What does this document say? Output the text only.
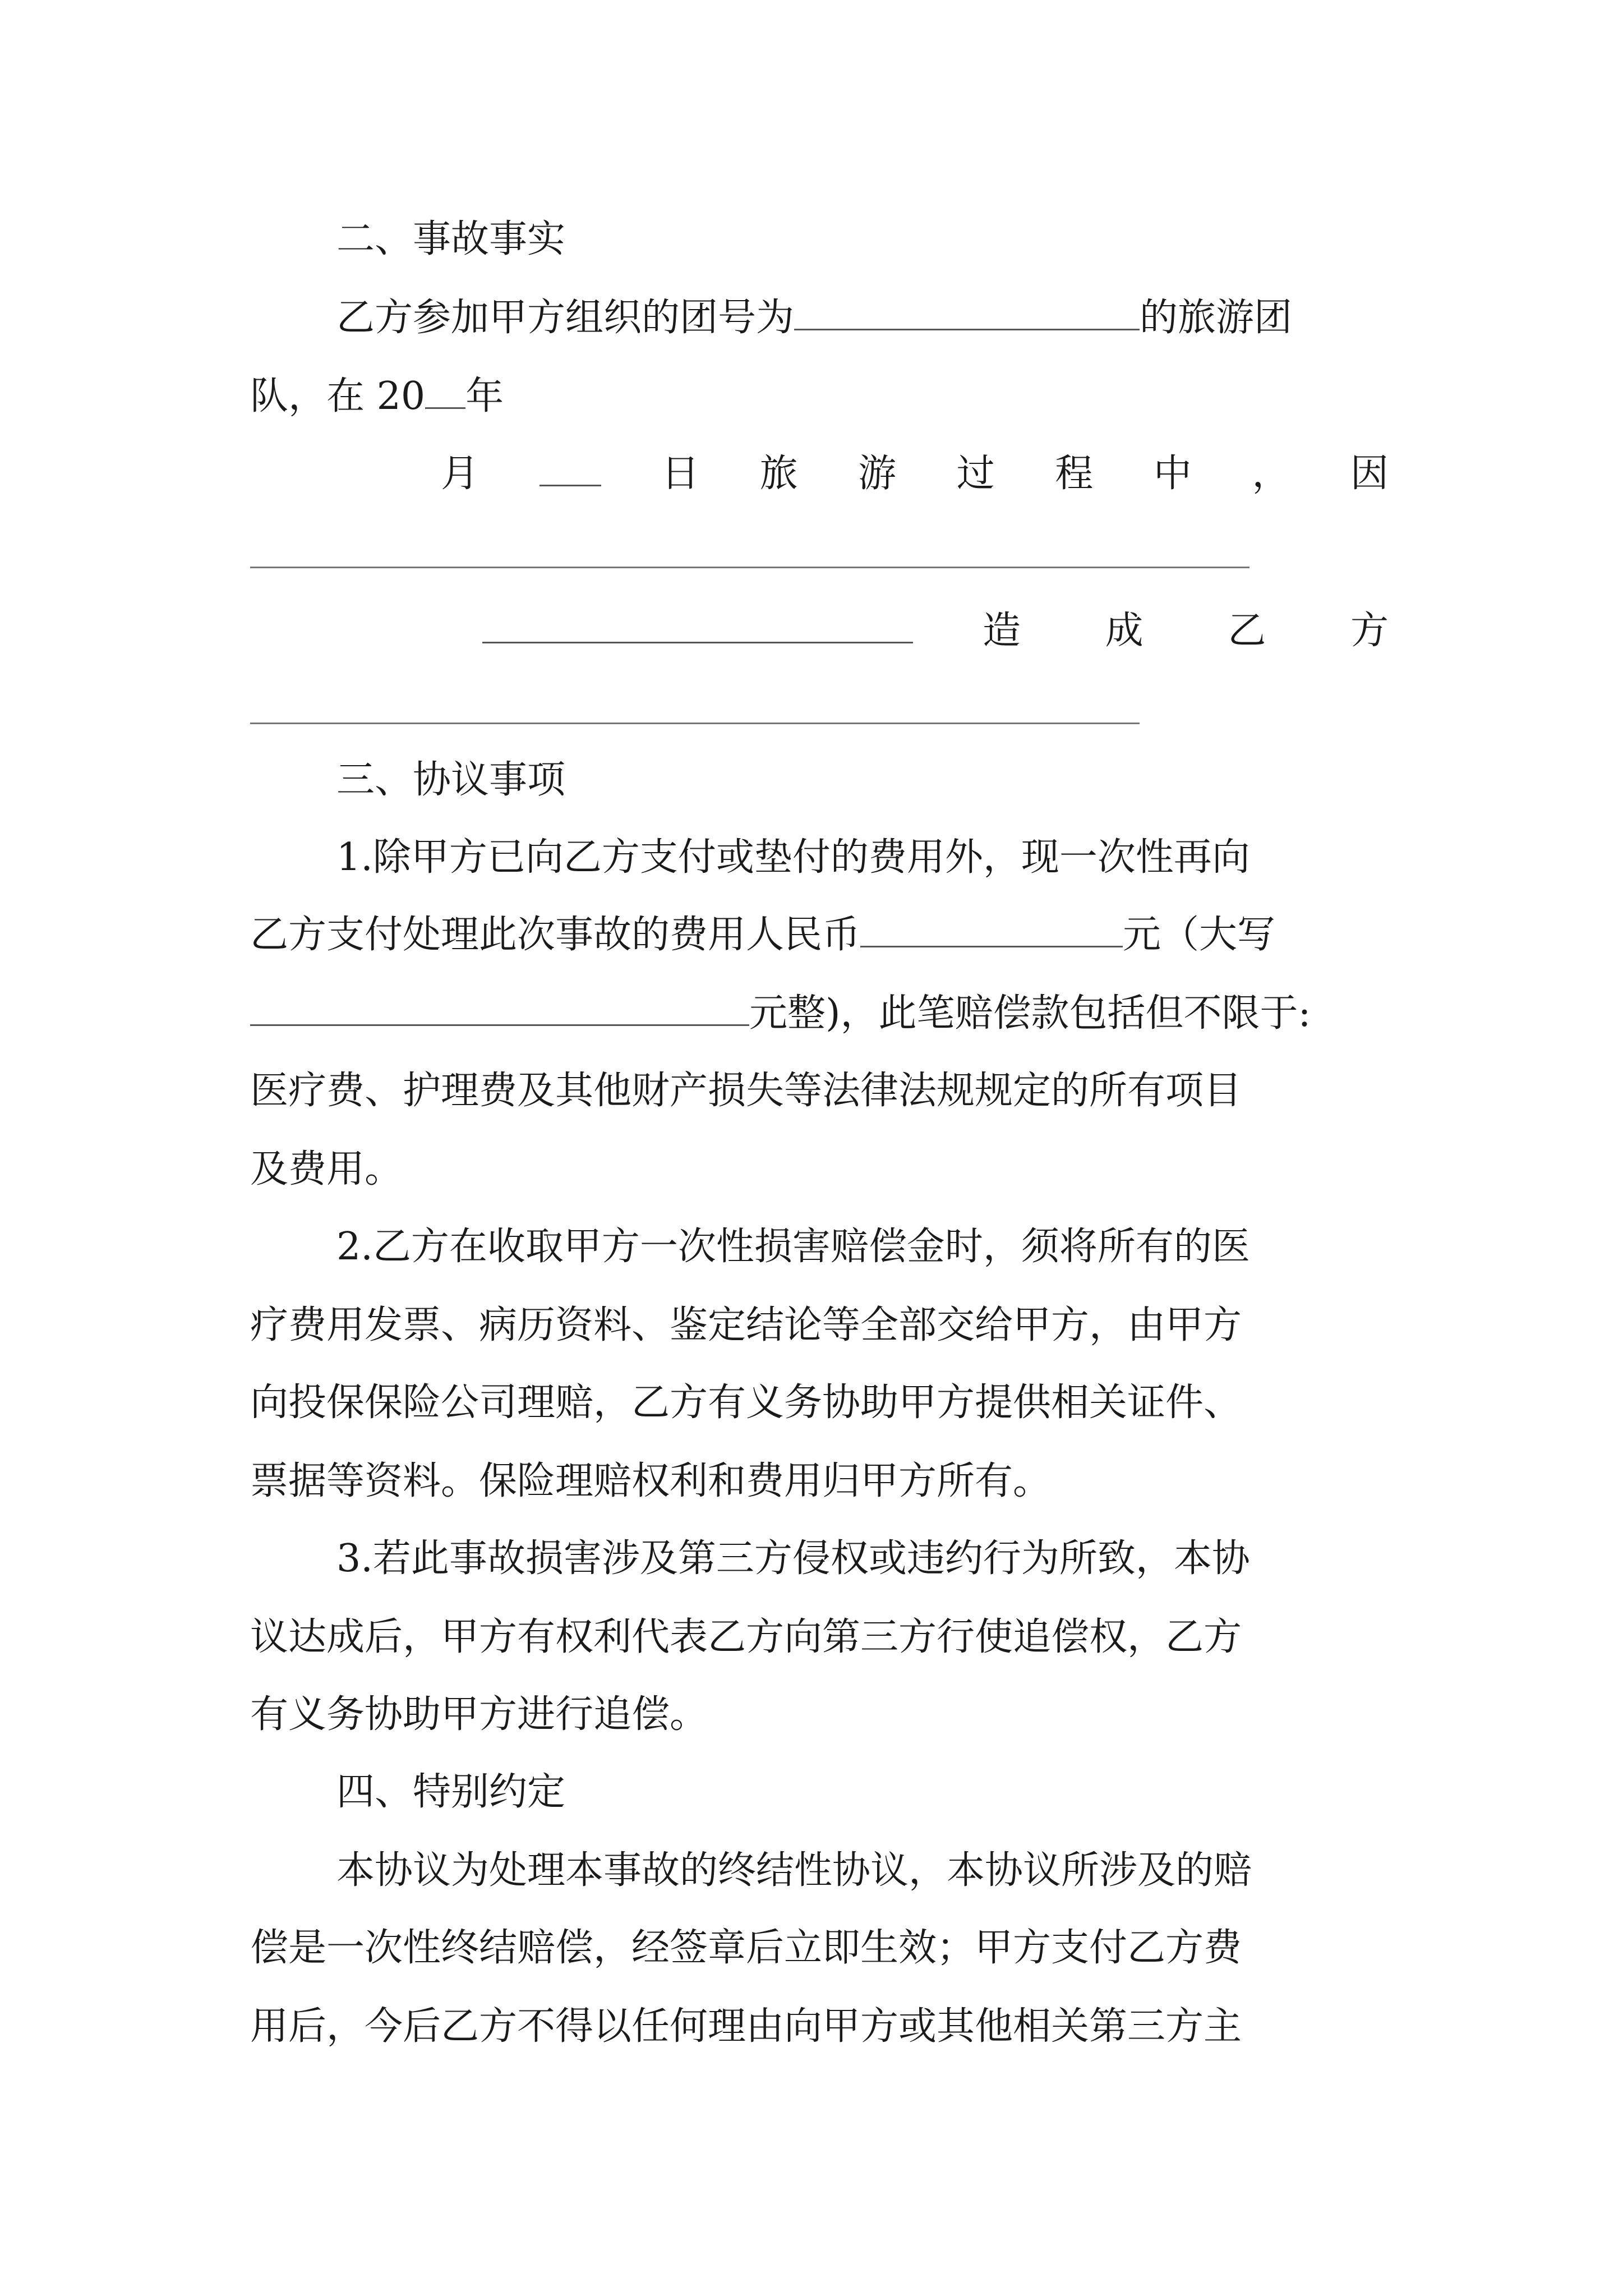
二、事故事实
乙方参加甲方组织的团号为	的旅游团
队，在 20 年
月	日 旅 游 过 程 中 ， 因
造 成 乙 方
三、协议事项
1.除甲方已向乙方支付或垫付的费用外，现一次性再向
乙方支付处理此次事故的费用人民币	元（大写
元整)，此笔赔偿款包括但不限于:
医疗费、护理费及其他财产损失等法律法规规定的所有项目
及费用。
2.乙方在收取甲方一次性损害赔偿金时，须将所有的医
疗费用发票、病历资料、鉴定结论等全部交给甲方，由甲方
向投保保险公司理赔，乙方有义务协助甲方提供相关证件、
票据等资料。保险理赔权利和费用归甲方所有。
3.若此事故损害涉及第三方侵权或违约行为所致，本协
议达成后，甲方有权利代表乙方向第三方行使追偿权，乙方
有义务协助甲方进行追偿。
四、特别约定
本协议为处理本事故的终结性协议，本协议所涉及的赔
偿是一次性终结赔偿，经签章后立即生效；甲方支付乙方费
用后，今后乙方不得以任何理由向甲方或其他相关第三方主
